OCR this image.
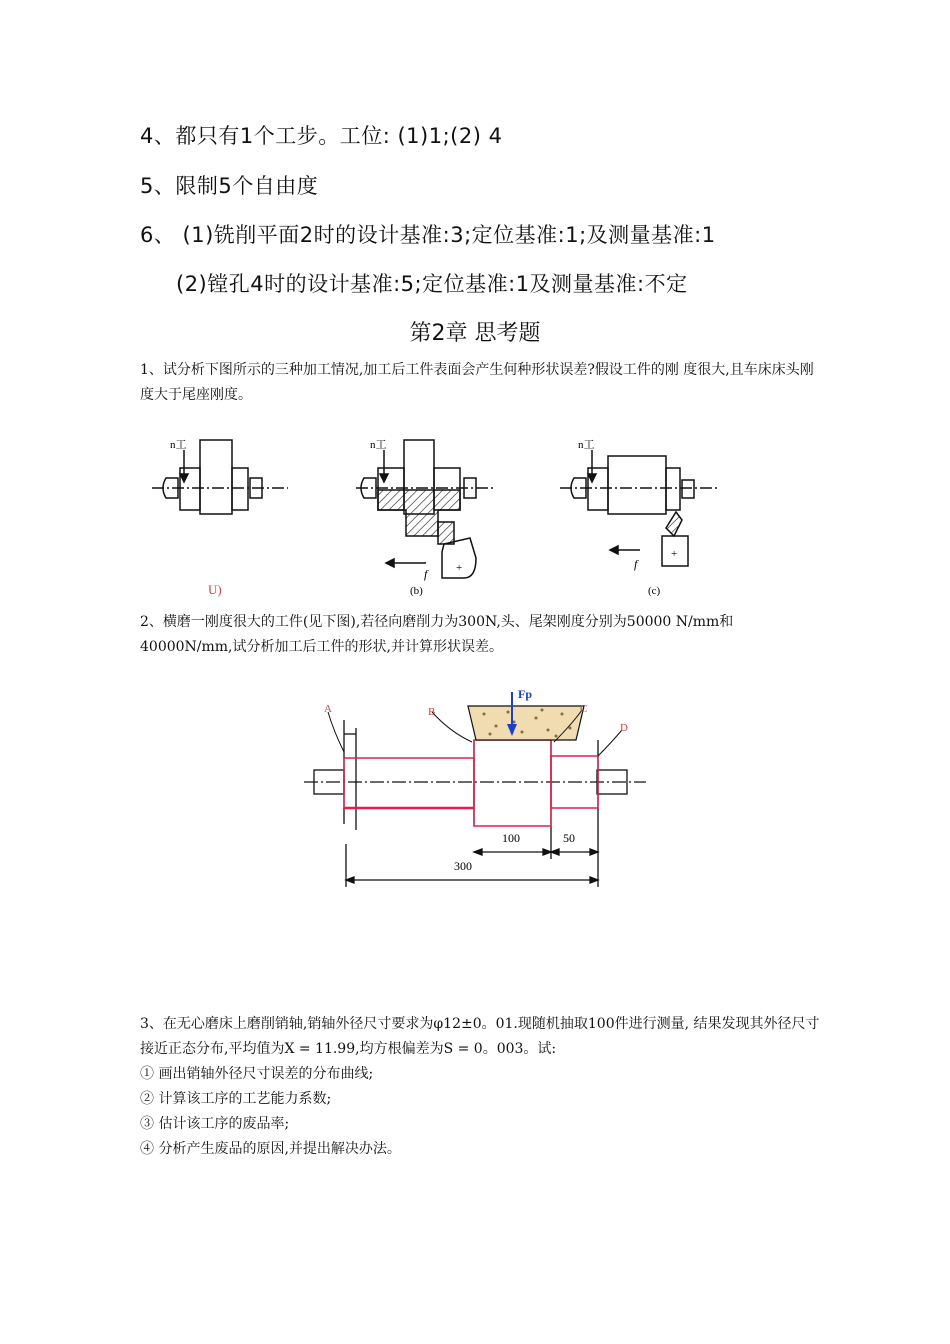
4、都只有1个工步。工位: (1)1;(2) 4
5、限制5个自由度
6、 (1)铣削平面2时的设计基准:3;定位基准:1;及测量基准:1
(2)镗孔4时的设计基准:5;定位基准:1及测量基准:不定
第2章 思考题
1、试分析下图所示的三种加工情况,加工后工件表面会产生何种形状误差?假设工件的刚 度很大,且车床床头刚度大于尾座刚度。
n工
U)
+
n工
f
(b)
+
n工
f
(c)
2、横磨一刚度很大的工件(见下图),若径向磨削力为300N,头、尾架刚度分别为50000 N/mm和40000N/mm,试分析加工后工件的形状,并计算形状误差。
Fp
A	B	C
D
100	50
300

3、在无心磨床上磨削销轴,销轴外径尺寸要求为φ12±0。01.现随机抽取100件进行测量, 结果发现其外径尺寸接近正态分布,平均值为X = 11.99,均方根偏差为S = 0。003。试:

① 画出销轴外径尺寸误差的分布曲线;

② 计算该工序的工艺能力系数;

③ 估计该工序的废品率;

④ 分析产生废品的原因,并提出解决办法。
